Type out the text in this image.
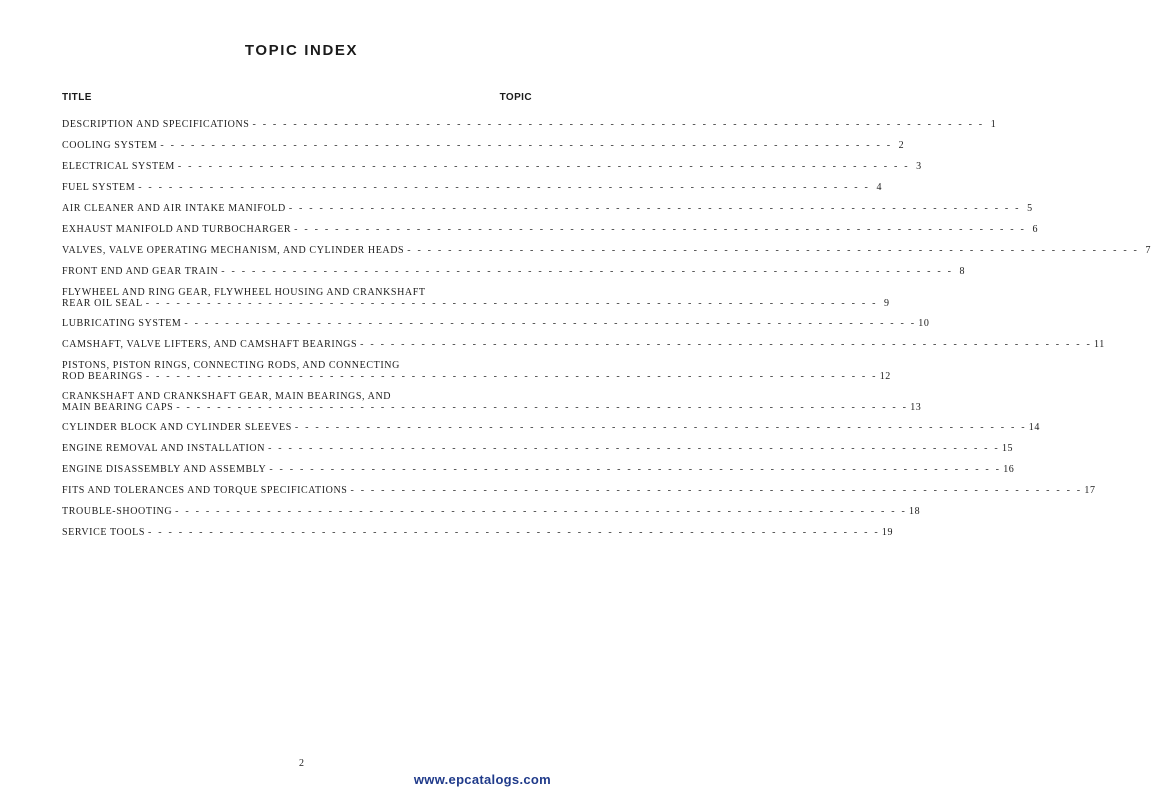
TOPIC INDEX
TITLE	TOPIC
DESCRIPTION AND SPECIFICATIONS - - - - - - - - - - - - - - - - - - - - - - - - - - - - - - - - - - - - - - - - - - - - - - - - - - - - - - - - - - - - - - - - - - - - - - - - 1
COOLING SYSTEM - - - - - - - - - - - - - - - - - - - - - - - - - - - - - - - - - - - - - - - - - - - - - - - - - - - - - - - - - - - - - - - - - - - - - - - - 2
ELECTRICAL SYSTEM - - - - - - - - - - - - - - - - - - - - - - - - - - - - - - - - - - - - - - - - - - - - - - - - - - - - - - - - - - - - - - - - - - - - - - - - 3
FUEL SYSTEM - - - - - - - - - - - - - - - - - - - - - - - - - - - - - - - - - - - - - - - - - - - - - - - - - - - - - - - - - - - - - - - - - - - - - - - - 4
AIR CLEANER AND AIR INTAKE MANIFOLD - - - - - - - - - - - - - - - - - - - - - - - - - - - - - - - - - - - - - - - - - - - - - - - - - - - - - - - - - - - - - - - - - - - - - - - - 5
EXHAUST MANIFOLD AND TURBOCHARGER - - - - - - - - - - - - - - - - - - - - - - - - - - - - - - - - - - - - - - - - - - - - - - - - - - - - - - - - - - - - - - - - - - - - - - - - 6
VALVES, VALVE OPERATING MECHANISM, AND CYLINDER HEADS - - - - - - - - - - - - - - - - - - - - - - - - - - - - - - - - - - - - - - - - - - - - - - - - - - - - - - - - - - - - - - - - - - - - - - - - 7
FRONT END AND GEAR TRAIN - - - - - - - - - - - - - - - - - - - - - - - - - - - - - - - - - - - - - - - - - - - - - - - - - - - - - - - - - - - - - - - - - - - - - - - - 8
FLYWHEEL AND RING GEAR, FLYWHEEL HOUSING AND CRANKSHAFT
REAR OIL SEAL - - - - - - - - - - - - - - - - - - - - - - - - - - - - - - - - - - - - - - - - - - - - - - - - - - - - - - - - - - - - - - - - - - - - - - - - 9
LUBRICATING SYSTEM - - - - - - - - - - - - - - - - - - - - - - - - - - - - - - - - - - - - - - - - - - - - - - - - - - - - - - - - - - - - - - - - - - - - - - - - 10
CAMSHAFT, VALVE LIFTERS, AND CAMSHAFT BEARINGS - - - - - - - - - - - - - - - - - - - - - - - - - - - - - - - - - - - - - - - - - - - - - - - - - - - - - - - - - - - - - - - - - - - - - - - - 11
PISTONS, PISTON RINGS, CONNECTING RODS, AND CONNECTING
ROD BEARINGS - - - - - - - - - - - - - - - - - - - - - - - - - - - - - - - - - - - - - - - - - - - - - - - - - - - - - - - - - - - - - - - - - - - - - - - - 12
CRANKSHAFT AND CRANKSHAFT GEAR, MAIN BEARINGS, AND
MAIN BEARING CAPS - - - - - - - - - - - - - - - - - - - - - - - - - - - - - - - - - - - - - - - - - - - - - - - - - - - - - - - - - - - - - - - - - - - - - - - - 13
CYLINDER BLOCK AND CYLINDER SLEEVES - - - - - - - - - - - - - - - - - - - - - - - - - - - - - - - - - - - - - - - - - - - - - - - - - - - - - - - - - - - - - - - - - - - - - - - - 14
ENGINE REMOVAL AND INSTALLATION - - - - - - - - - - - - - - - - - - - - - - - - - - - - - - - - - - - - - - - - - - - - - - - - - - - - - - - - - - - - - - - - - - - - - - - - 15
ENGINE DISASSEMBLY AND ASSEMBLY - - - - - - - - - - - - - - - - - - - - - - - - - - - - - - - - - - - - - - - - - - - - - - - - - - - - - - - - - - - - - - - - - - - - - - - - 16
FITS AND TOLERANCES AND TORQUE SPECIFICATIONS - - - - - - - - - - - - - - - - - - - - - - - - - - - - - - - - - - - - - - - - - - - - - - - - - - - - - - - - - - - - - - - - - - - - - - - - 17
TROUBLE-SHOOTING - - - - - - - - - - - - - - - - - - - - - - - - - - - - - - - - - - - - - - - - - - - - - - - - - - - - - - - - - - - - - - - - - - - - - - - - 18
SERVICE TOOLS - - - - - - - - - - - - - - - - - - - - - - - - - - - - - - - - - - - - - - - - - - - - - - - - - - - - - - - - - - - - - - - - - - - - - - - - 19
2
www.epcatalogs.com
